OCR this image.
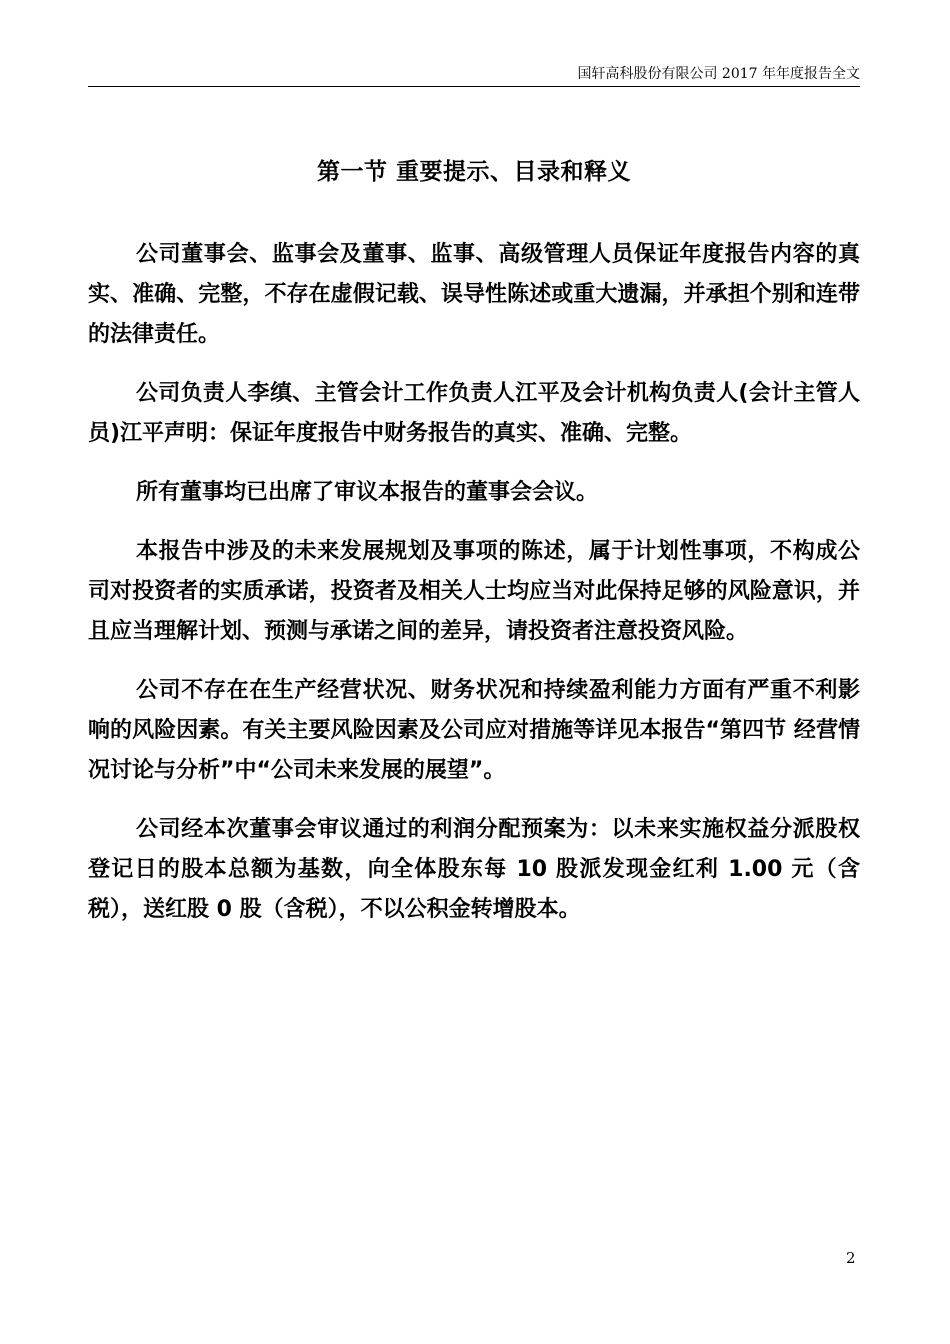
国轩高科股份有限公司 2017 年年度报告全文
第一节 重要提示、目录和释义

公司董事会、监事会及董事、监事、高级管理人员保证年度报告内容的真实、准确、完整，不存在虚假记载、误导性陈述或重大遗漏，并承担个别和连带的法律责任。

公司负责人李缜、主管会计工作负责人江平及会计机构负责人(会计主管人员)江平声明：保证年度报告中财务报告的真实、准确、完整。

所有董事均已出席了审议本报告的董事会会议。

本报告中涉及的未来发展规划及事项的陈述，属于计划性事项，不构成公司对投资者的实质承诺，投资者及相关人士均应当对此保持足够的风险意识，并且应当理解计划、预测与承诺之间的差异，请投资者注意投资风险。

公司不存在在生产经营状况、财务状况和持续盈利能力方面有严重不利影响的风险因素。有关主要风险因素及公司应对措施等详见本报告“第四节 经营情况讨论与分析”中“公司未来发展的展望”。

公司经本次董事会审议通过的利润分配预案为：以未来实施权益分派股权登记日的股本总额为基数，向全体股东每 10 股派发现金红利 1.00 元（含税），送红股 0 股（含税），不以公积金转增股本。

2
